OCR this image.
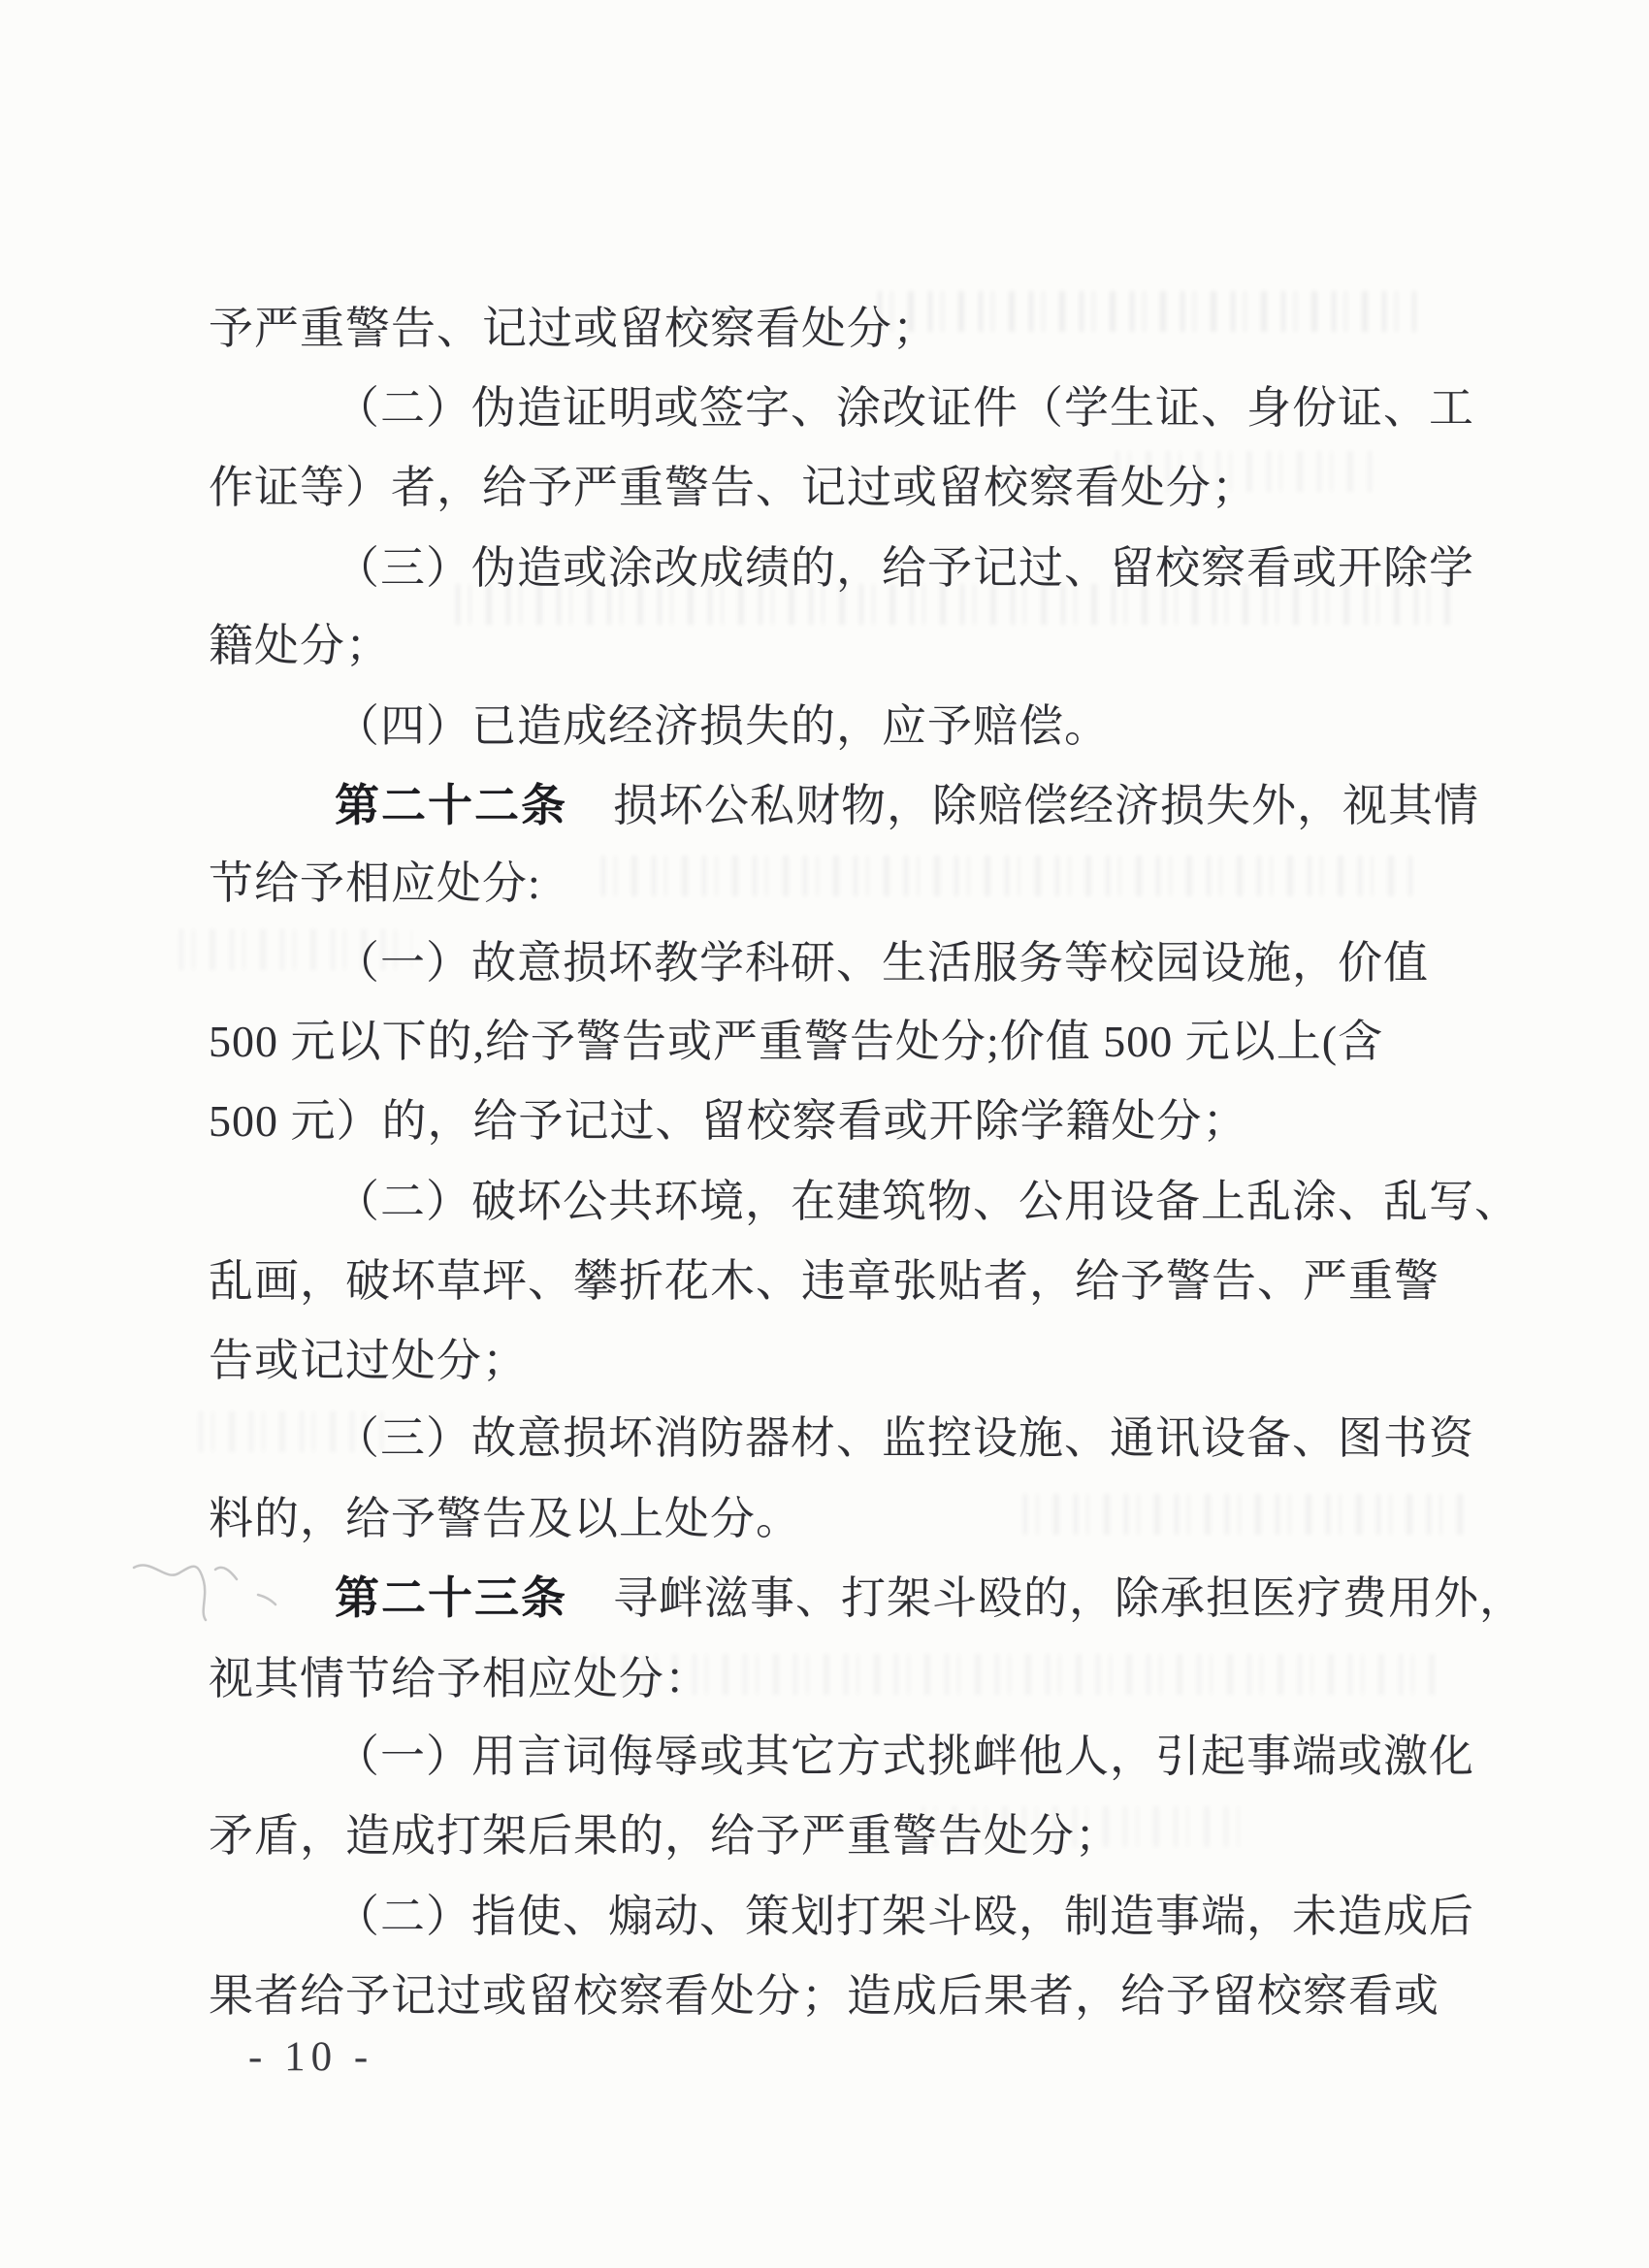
予严重警告、记过或留校察看处分；
（二）伪造证明或签字、涂改证件（学生证、身份证、工
作证等）者，给予严重警告、记过或留校察看处分；
（三）伪造或涂改成绩的，给予记过、留校察看或开除学
籍处分；
（四）已造成经济损失的，应予赔偿。
第二十二条　损坏公私财物，除赔偿经济损失外，视其情
节给予相应处分:
（一）故意损坏教学科研、生活服务等校园设施，价值
500 元以下的,给予警告或严重警告处分;价值 500 元以上(含
500 元）的，给予记过、留校察看或开除学籍处分；
（二）破坏公共环境，在建筑物、公用设备上乱涂、乱写、
乱画，破坏草坪、攀折花木、违章张贴者，给予警告、严重警
告或记过处分；
（三）故意损坏消防器材、监控设施、通讯设备、图书资
料的，给予警告及以上处分。
第二十三条　寻衅滋事、打架斗殴的，除承担医疗费用外，
视其情节给予相应处分：
（一）用言词侮辱或其它方式挑衅他人，引起事端或激化
矛盾，造成打架后果的，给予严重警告处分；
（二）指使、煽动、策划打架斗殴，制造事端，未造成后
果者给予记过或留校察看处分；造成后果者，给予留校察看或
- 10 -
